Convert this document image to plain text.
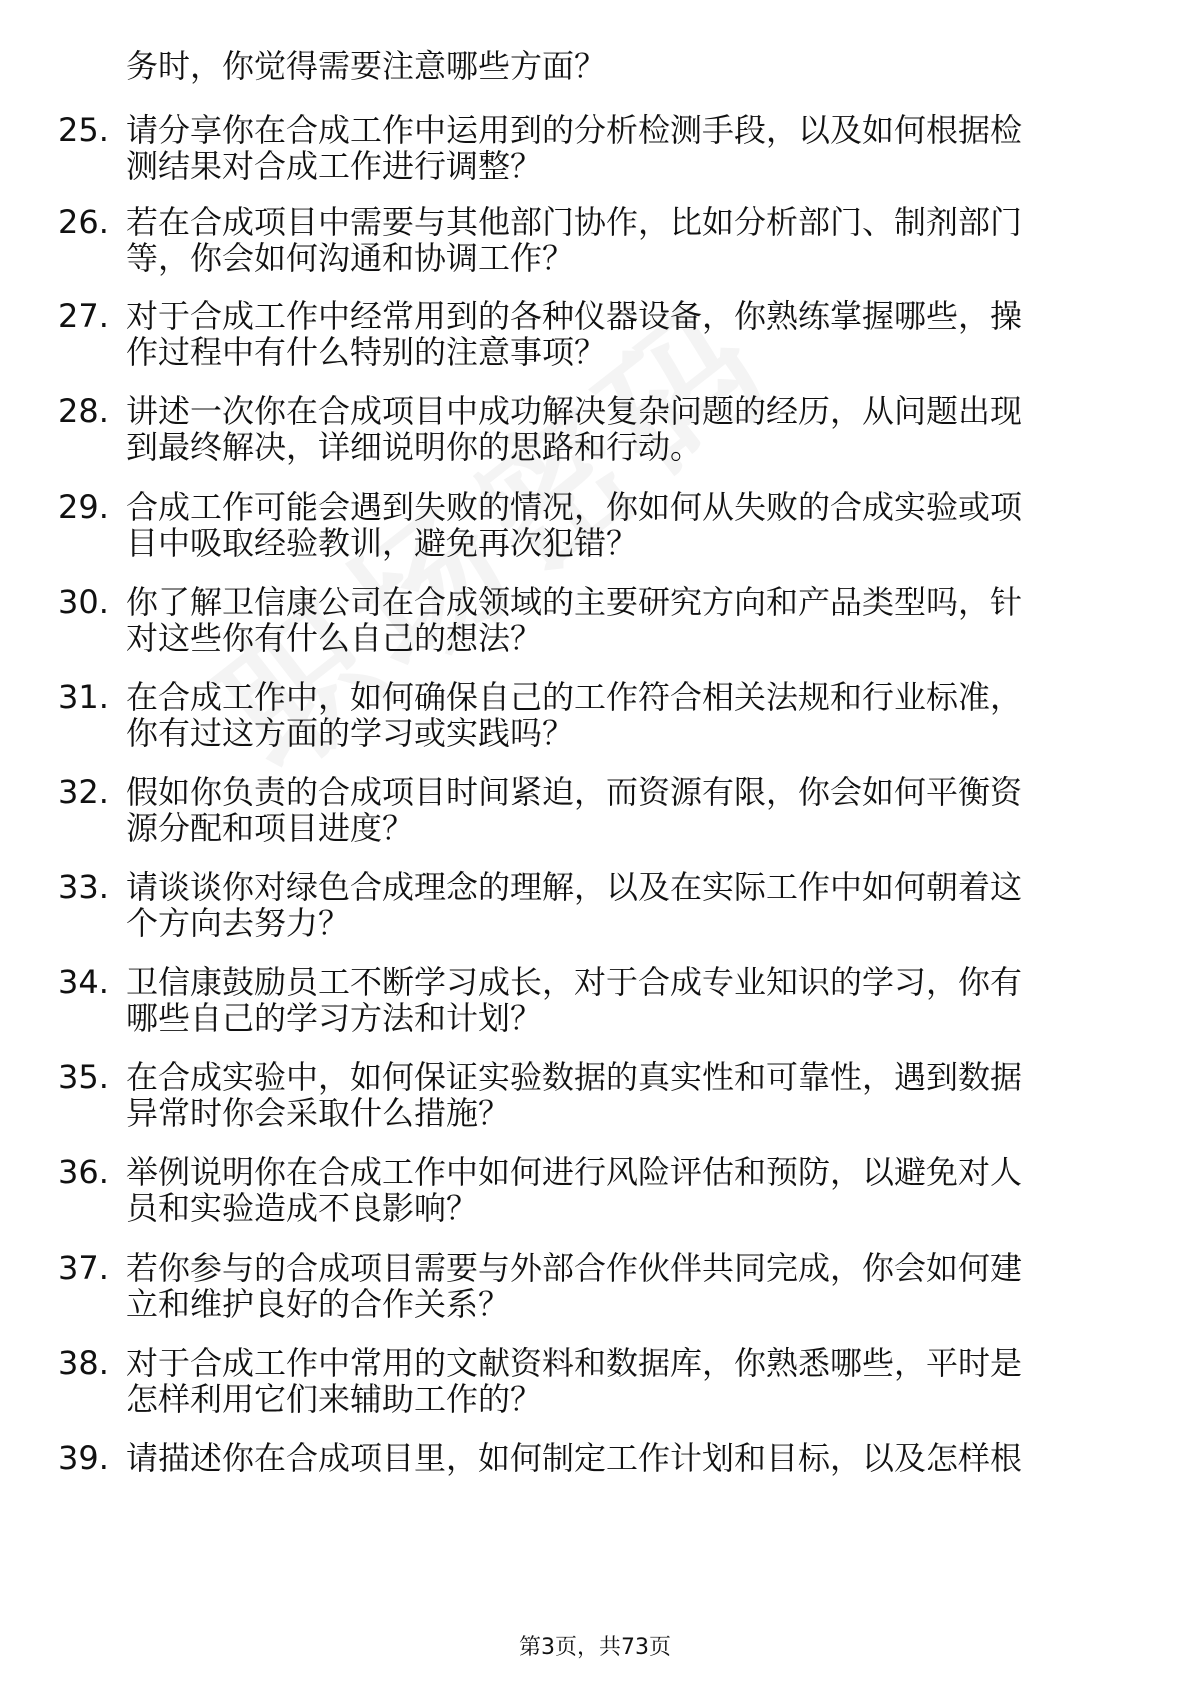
务时，你觉得需要注意哪些方面？
25. 请分享你在合成工作中运用到的分析检测手段，以及如何根据检
测结果对合成工作进行调整？
26. 若在合成项目中需要与其他部门协作，比如分析部门、制剂部门
等，你会如何沟通和协调工作？
27. 对于合成工作中经常用到的各种仪器设备，你熟练掌握哪些，操
作过程中有什么特别的注意事项？
28. 讲述一次你在合成项目中成功解决复杂问题的经历，从问题出现
到最终解决，详细说明你的思路和行动。
29. 合成工作可能会遇到失败的情况，你如何从失败的合成实验或项
目中吸取经验教训，避免再次犯错？
30. 你了解卫信康公司在合成领域的主要研究方向和产品类型吗，针
对这些你有什么自己的想法？
31. 在合成工作中，如何确保自己的工作符合相关法规和行业标准，
你有过这方面的学习或实践吗？
32. 假如你负责的合成项目时间紧迫，而资源有限，你会如何平衡资
源分配和项目进度？
33. 请谈谈你对绿色合成理念的理解，以及在实际工作中如何朝着这
个方向去努力？
34. 卫信康鼓励员工不断学习成长，对于合成专业知识的学习，你有
哪些自己的学习方法和计划？
35. 在合成实验中，如何保证实验数据的真实性和可靠性，遇到数据
异常时你会采取什么措施？
36. 举例说明你在合成工作中如何进行风险评估和预防，以避免对人
员和实验造成不良影响？
37. 若你参与的合成项目需要与外部合作伙伴共同完成，你会如何建
立和维护良好的合作关系？
38. 对于合成工作中常用的文献资料和数据库，你熟悉哪些，平时是
怎样利用它们来辅助工作的？
39. 请描述你在合成项目里，如何制定工作计划和目标，以及怎样根
第3页，共73页
